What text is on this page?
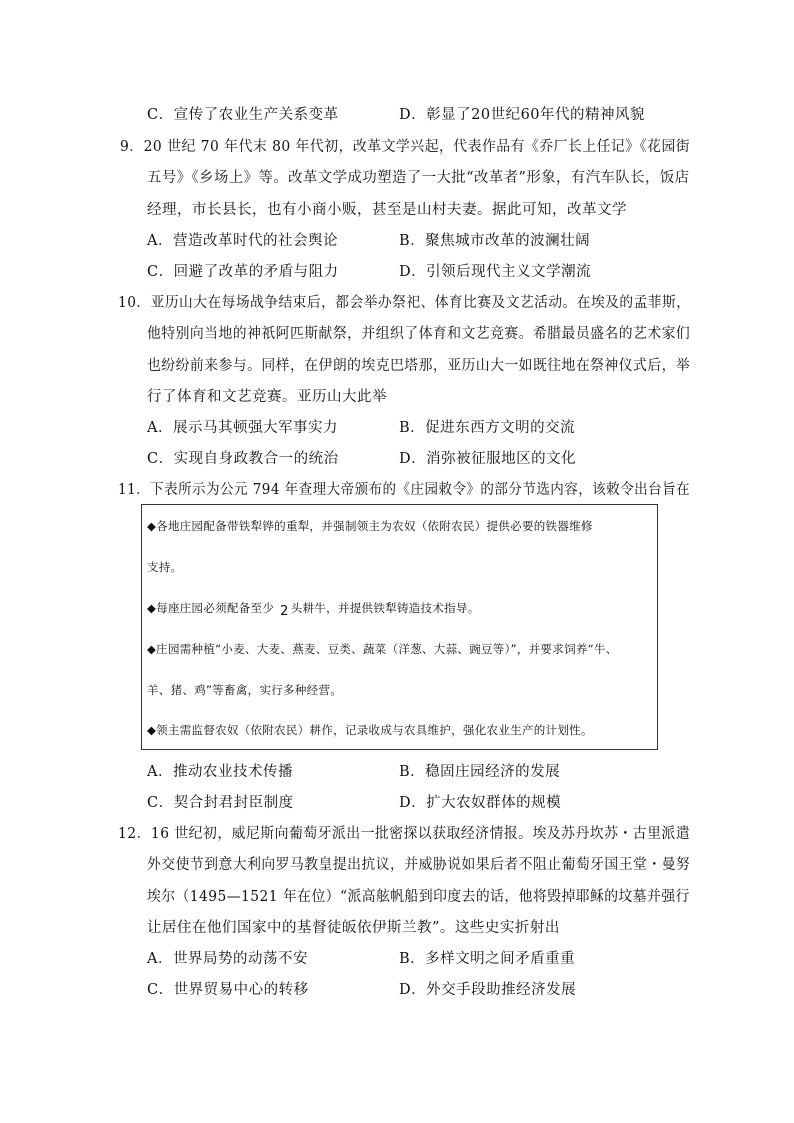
C．宣传了农业生产关系变革	D．彰显了20世纪60年代的精神风貌
9．20 世纪 70 年代末 80 年代初，改革文学兴起，代表作品有《乔厂长上任记》《花园街
五号》《乡场上》等。改革文学成功塑造了一大批“改革者”形象，有汽车队长，饭店
经理，市长县长，也有小商小贩，甚至是山村夫妻。据此可知，改革文学
A．营造改革时代的社会舆论	B．聚焦城市改革的波澜壮阔
C．回避了改革的矛盾与阻力	D．引领后现代主义文学潮流
10．亚历山大在每场战争结束后，都会举办祭祀、体育比赛及文艺活动。在埃及的孟菲斯，
他特别向当地的神祇阿匹斯献祭，并组织了体育和文艺竞赛。希腊最员盛名的艺术家们
也纷纷前来参与。同样，在伊朗的埃克巴塔那，亚历山大一如既往地在祭神仪式后，举
行了体育和文艺竞赛。亚历山大此举
A．展示马其顿强大军事实力	B．促进东西方文明的交流
C．实现自身政教合一的统治	D．消弥被征服地区的文化
11．下表所示为公元 794 年查理大帝颁布的《庄园敕令》的部分节选内容，该敕令出台旨在
◆各地庄园配备带铁犁铧的重犁，并强制领主为农奴（依附农民）提供必要的铁器维修
支持。
◆每座庄园必须配备至少 2 头耕牛，并提供铁犁铸造技术指导。
◆庄园需种植“小麦、大麦、燕麦、豆类、蔬菜（洋葱、大蒜、豌豆等）”，并要求饲养“牛、
羊、猪、鸡”等畜禽，实行多种经营。
◆领主需监督农奴（依附农民）耕作，记录收成与农具维护，强化农业生产的计划性。
A．推动农业技术传播	B．稳固庄园经济的发展
C．契合封君封臣制度	D．扩大农奴群体的规模
12．16 世纪初，威尼斯向葡萄牙派出一批密探以获取经济情报。埃及苏丹坎苏・古里派遣
外交使节到意大利向罗马教皇提出抗议，并威胁说如果后者不阻止葡萄牙国王堂・曼努
埃尔（1495—1521 年在位）“派高舷帆船到印度去的话，他将毁掉耶稣的坟墓并强行
让居住在他们国家中的基督徒皈依伊斯兰教”。这些史实折射出
A．世界局势的动荡不安	B．多样文明之间矛盾重重
C．世界贸易中心的转移	D．外交手段助推经济发展
